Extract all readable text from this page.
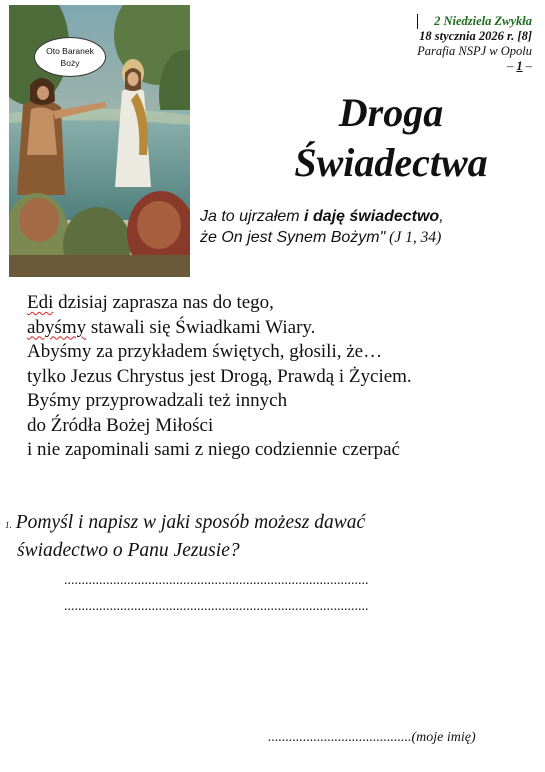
Oto Baranek
Boży
2 Niedziela Zwykła
18 stycznia 2026 r. [8]
Parafia NSPJ w Opolu
– 1 –
Droga
Świadectwa
Ja to ujrzałem i daję świadectwo,
że On jest Synem Bożym" (J 1, 34)
Edi dzisiaj zaprasza nas do tego,
abyśmy stawali się Świadkami Wiary.
Abyśmy za przykładem świętych, głosili, że…
tylko Jezus Chrystus jest Drogą, Prawdą i Życiem.
Byśmy przyprowadzali też innych
do Źródła Bożej Miłości
i nie zapominali sami z niego codziennie czerpać
1. Pomyśl i napisz w jaki sposób możesz dawać
świadectwo o Panu Jezusie?
.......................................................................................
.......................................................................................
.........................................(moje imię)
